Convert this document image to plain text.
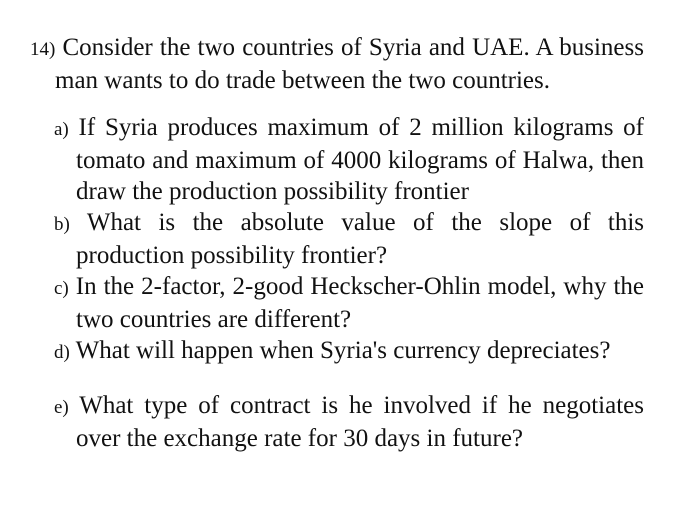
14) Consider the two countries of Syria and UAE. A business man wants to do trade between the two countries.
a) If Syria produces maximum of 2 million kilograms of tomato and maximum of 4000 kilograms of Halwa, then draw the production possibility frontier
b) What is the absolute value of the slope of this production possibility frontier?
c) In the 2-factor, 2-good Heckscher-Ohlin model, why the two countries are different?
d) What will happen when Syria's currency depreciates?
e) What type of contract is he involved if he negotiates over the exchange rate for 30 days in future?
